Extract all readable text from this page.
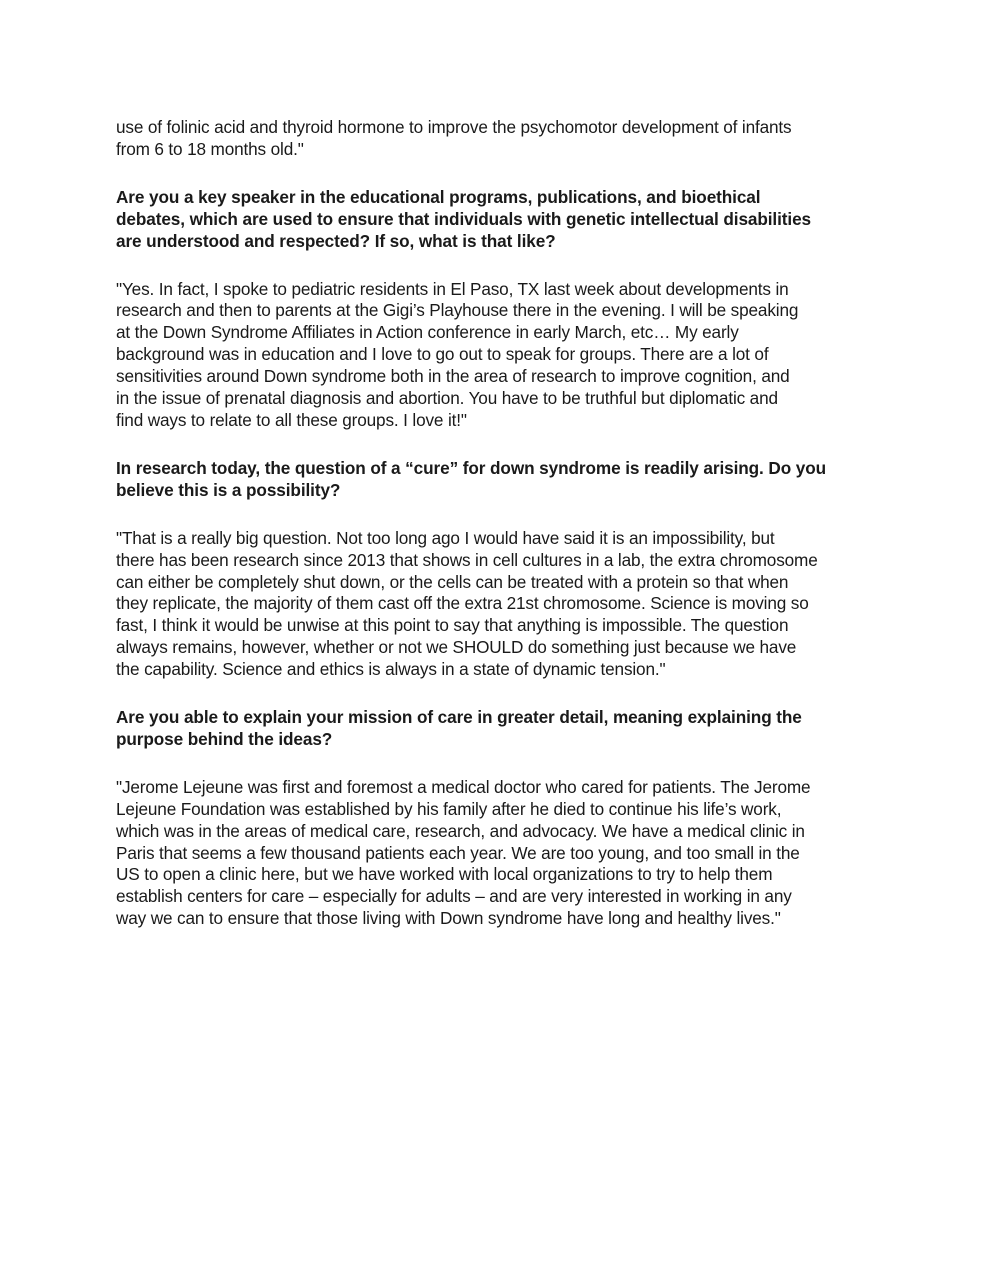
use of folinic acid and thyroid hormone to improve the psychomotor development of infants
from 6 to 18 months old."

Are you a key speaker in the educational programs, publications, and bioethical
debates, which are used to ensure that individuals with genetic intellectual disabilities
are understood and respected? If so, what is that like?

"Yes. In fact, I spoke to pediatric residents in El Paso, TX last week about developments in
research and then to parents at the Gigi’s Playhouse there in the evening. I will be speaking
at the Down Syndrome Affiliates in Action conference in early March, etc… My early
background was in education and I love to go out to speak for groups. There are a lot of
sensitivities around Down syndrome both in the area of research to improve cognition, and
in the issue of prenatal diagnosis and abortion. You have to be truthful but diplomatic and
find ways to relate to all these groups. I love it!"

In research today, the question of a “cure” for down syndrome is readily arising. Do you
believe this is a possibility?

"That is a really big question. Not too long ago I would have said it is an impossibility, but
there has been research since 2013 that shows in cell cultures in a lab, the extra chromosome
can either be completely shut down, or the cells can be treated with a protein so that when
they replicate, the majority of them cast off the extra 21st chromosome. Science is moving so
fast, I think it would be unwise at this point to say that anything is impossible. The question
always remains, however, whether or not we SHOULD do something just because we have
the capability. Science and ethics is always in a state of dynamic tension."

Are you able to explain your mission of care in greater detail, meaning explaining the
purpose behind the ideas?

"Jerome Lejeune was first and foremost a medical doctor who cared for patients. The Jerome
Lejeune Foundation was established by his family after he died to continue his life’s work,
which was in the areas of medical care, research, and advocacy. We have a medical clinic in
Paris that seems a few thousand patients each year. We are too young, and too small in the
US to open a clinic here, but we have worked with local organizations to try to help them
establish centers for care – especially for adults – and are very interested in working in any
way we can to ensure that those living with Down syndrome have long and healthy lives."
